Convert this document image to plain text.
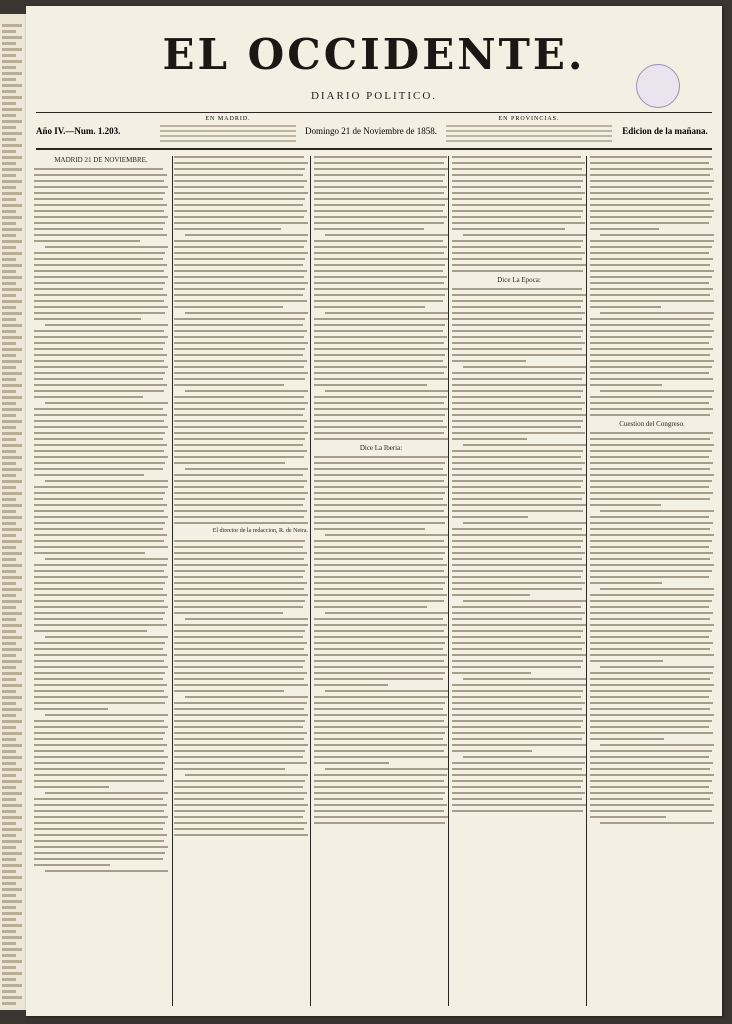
EL OCCIDENTE.
DIARIO POLITICO.
Año IV.—Num. 1.203.
EN MADRID.
Domingo 21 de Noviembre de 1858.
EN PROVINCIAS.
Edicion de la mañana.
MADRID 21 DE NOVIEMBRE.
El director de la redaccion, R. de Neira.
Dice La Iberia:
Dice La Epoca:
Cuestion del Congreso.
